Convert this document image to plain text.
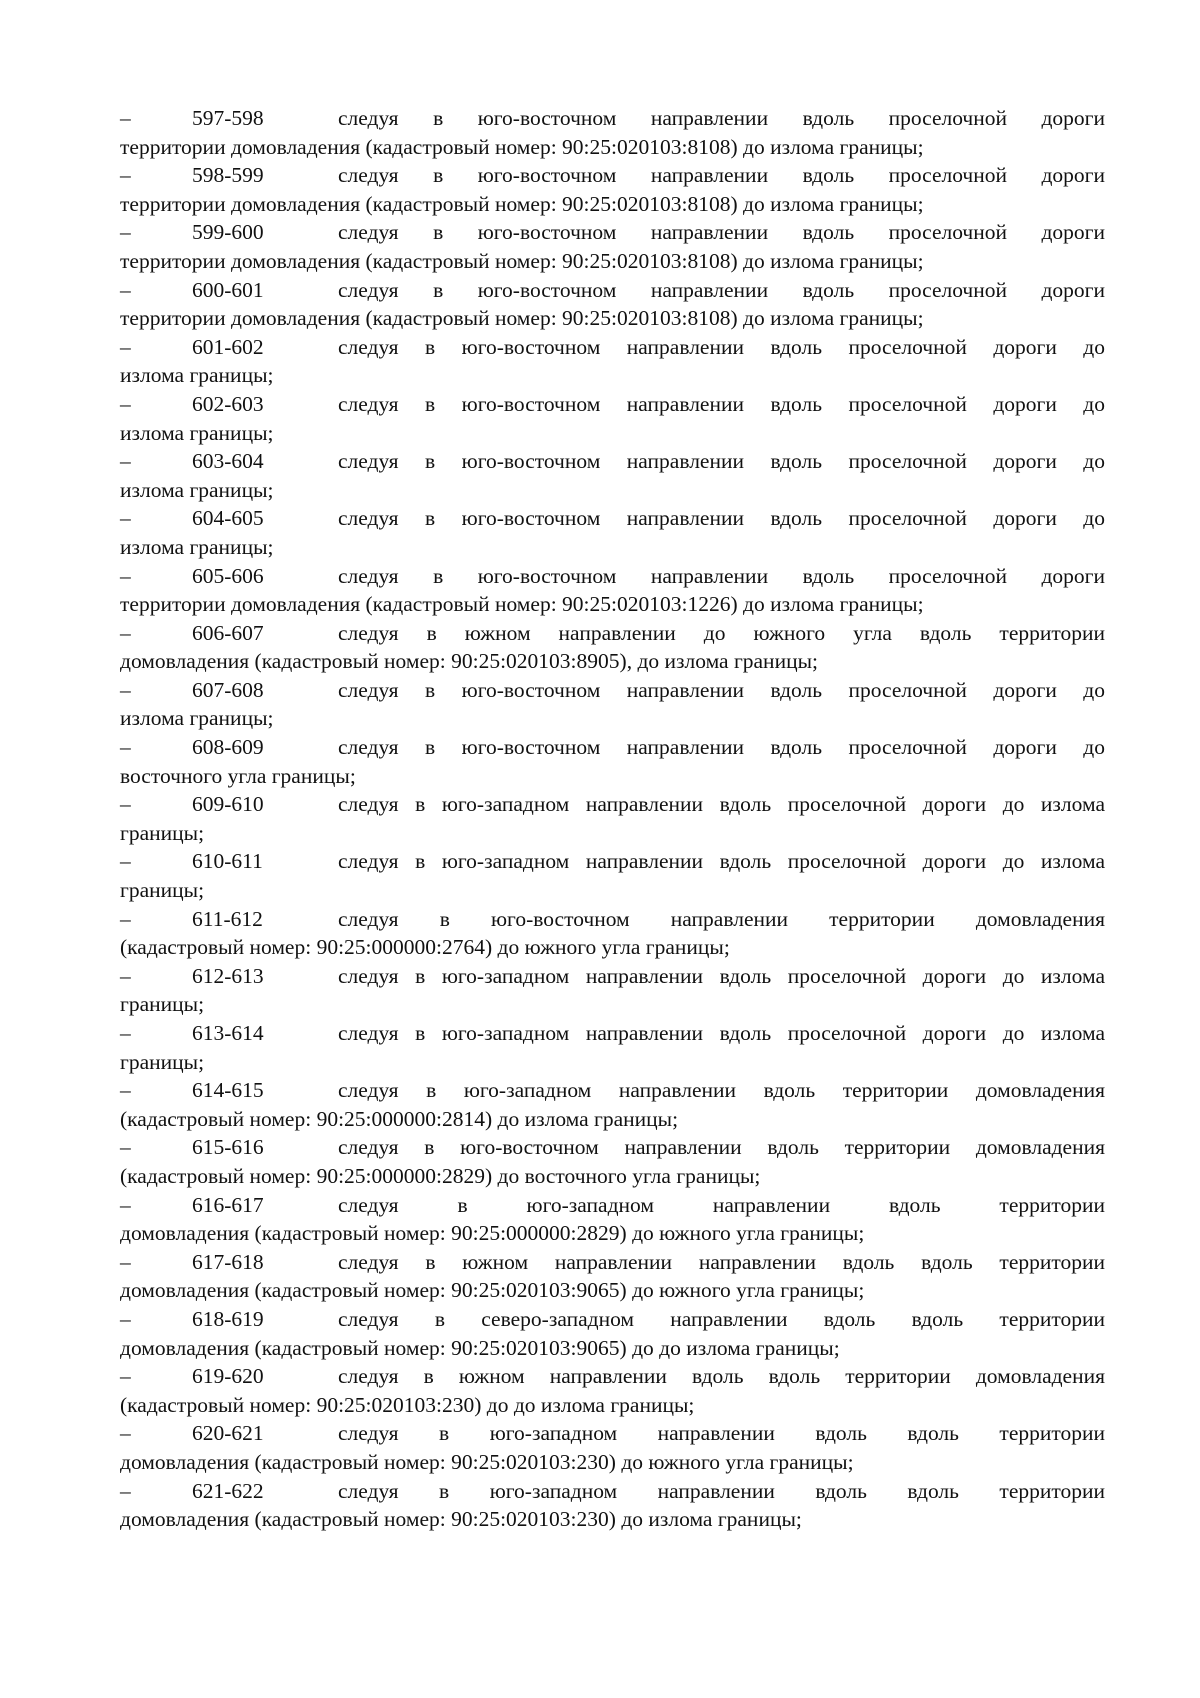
–	597-598	следуя в юго-восточном направлении вдоль проселочной дороги
территории домовладения (кадастровый номер: 90:25:020103:8108) до излома границы;
–	598-599	следуя в юго-восточном направлении вдоль проселочной дороги
территории домовладения (кадастровый номер: 90:25:020103:8108) до излома границы;
–	599-600	следуя в юго-восточном направлении вдоль проселочной дороги
территории домовладения (кадастровый номер: 90:25:020103:8108) до излома границы;
–	600-601	следуя в юго-восточном направлении вдоль проселочной дороги
территории домовладения (кадастровый номер: 90:25:020103:8108) до излома границы;
–	601-602	следуя в юго-восточном направлении вдоль проселочной дороги до
излома границы;
–	602-603	следуя в юго-восточном направлении вдоль проселочной дороги до
излома границы;
–	603-604	следуя в юго-восточном направлении вдоль проселочной дороги до
излома границы;
–	604-605	следуя в юго-восточном направлении вдоль проселочной дороги до
излома границы;
–	605-606	следуя в юго-восточном направлении вдоль проселочной дороги
территории домовладения (кадастровый номер: 90:25:020103:1226) до излома границы;
–	606-607	следуя в южном направлении до южного угла вдоль территории
домовладения (кадастровый номер: 90:25:020103:8905), до излома границы;
–	607-608	следуя в юго-восточном направлении вдоль проселочной дороги до
излома границы;
–	608-609	следуя в юго-восточном направлении вдоль проселочной дороги до
восточного угла границы;
–	609-610	следуя в юго-западном направлении вдоль проселочной дороги до излома
границы;
–	610-611	следуя в юго-западном направлении вдоль проселочной дороги до излома
границы;
–	611-612	следуя в юго-восточном направлении территории домовладения
(кадастровый номер: 90:25:000000:2764) до южного угла границы;
–	612-613	следуя в юго-западном направлении вдоль проселочной дороги до излома
границы;
–	613-614	следуя в юго-западном направлении вдоль проселочной дороги до излома
границы;
–	614-615	следуя в юго-западном направлении вдоль территории домовладения
(кадастровый номер: 90:25:000000:2814) до излома границы;
–	615-616	следуя в юго-восточном направлении вдоль территории домовладения
(кадастровый номер: 90:25:000000:2829) до восточного угла границы;
–	616-617	следуя в юго-западном направлении вдоль территории
домовладения (кадастровый номер: 90:25:000000:2829) до южного угла границы;
–	617-618	следуя в южном направлении направлении вдоль вдоль территории
домовладения (кадастровый номер: 90:25:020103:9065) до южного угла границы;
–	618-619	следуя в северо-западном направлении вдоль вдоль территории
домовладения (кадастровый номер: 90:25:020103:9065) до до излома границы;
–	619-620	следуя в южном направлении вдоль вдоль территории домовладения
(кадастровый номер: 90:25:020103:230) до до излома границы;
–	620-621	следуя в юго-западном направлении вдоль вдоль территории
домовладения (кадастровый номер: 90:25:020103:230) до южного угла границы;
–	621-622	следуя в юго-западном направлении вдоль вдоль территории
домовладения (кадастровый номер: 90:25:020103:230) до излома границы;
